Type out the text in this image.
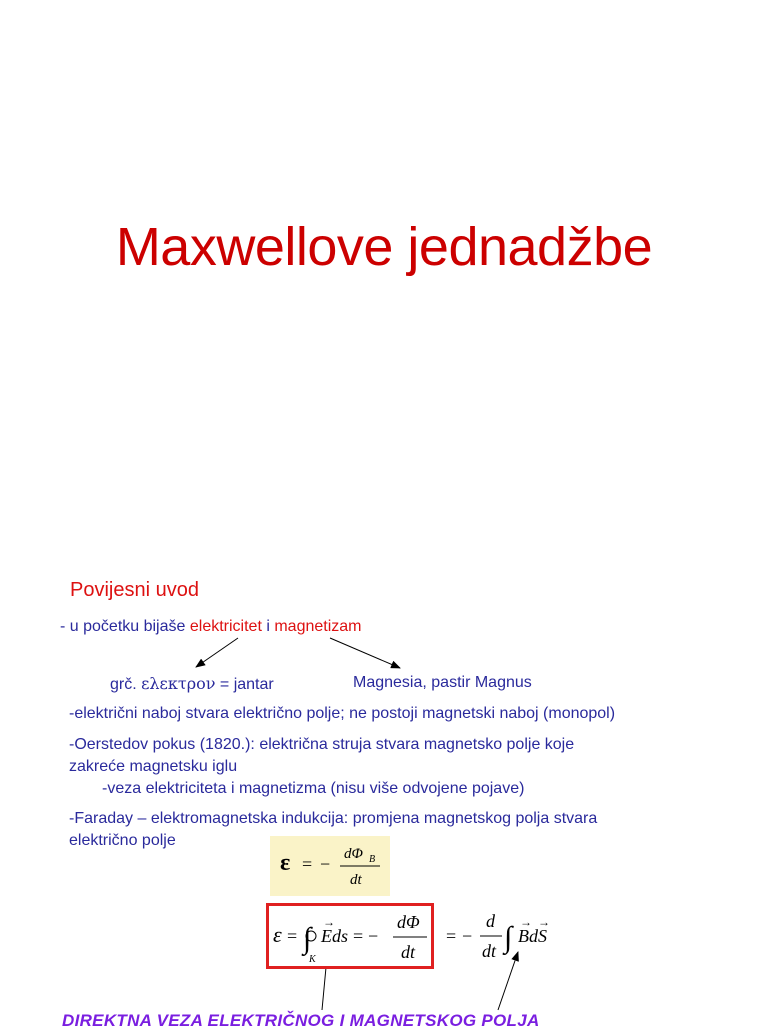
Maxwellove jednadžbe
Povijesni uvod
- u početku bijaše elektricitet i magnetizam
grč. ελεκτρον = jantar	Magnesia, pastir Magnus
-električni naboj stvara električno polje; ne postoji magnetski naboj (monopol)
-Oerstedov pokus (1820.): električna struja stvara magnetsko polje koje
zakreće magnetsku iglu
-veza elektriciteta i magnetizma (nisu više odvojene pojave)
-Faraday – elektromagnetska indukcija: promjena magnetskog polja stvara
električno polje
ε = − dΦ B
dt
ε = ∫
K
Eds
→
= −
dΦ
dt
= −
d
dt ∫ BdS
→ →
DIREKTNA VEZA ELEKTRIČNOG I MAGNETSKOG POLJA
